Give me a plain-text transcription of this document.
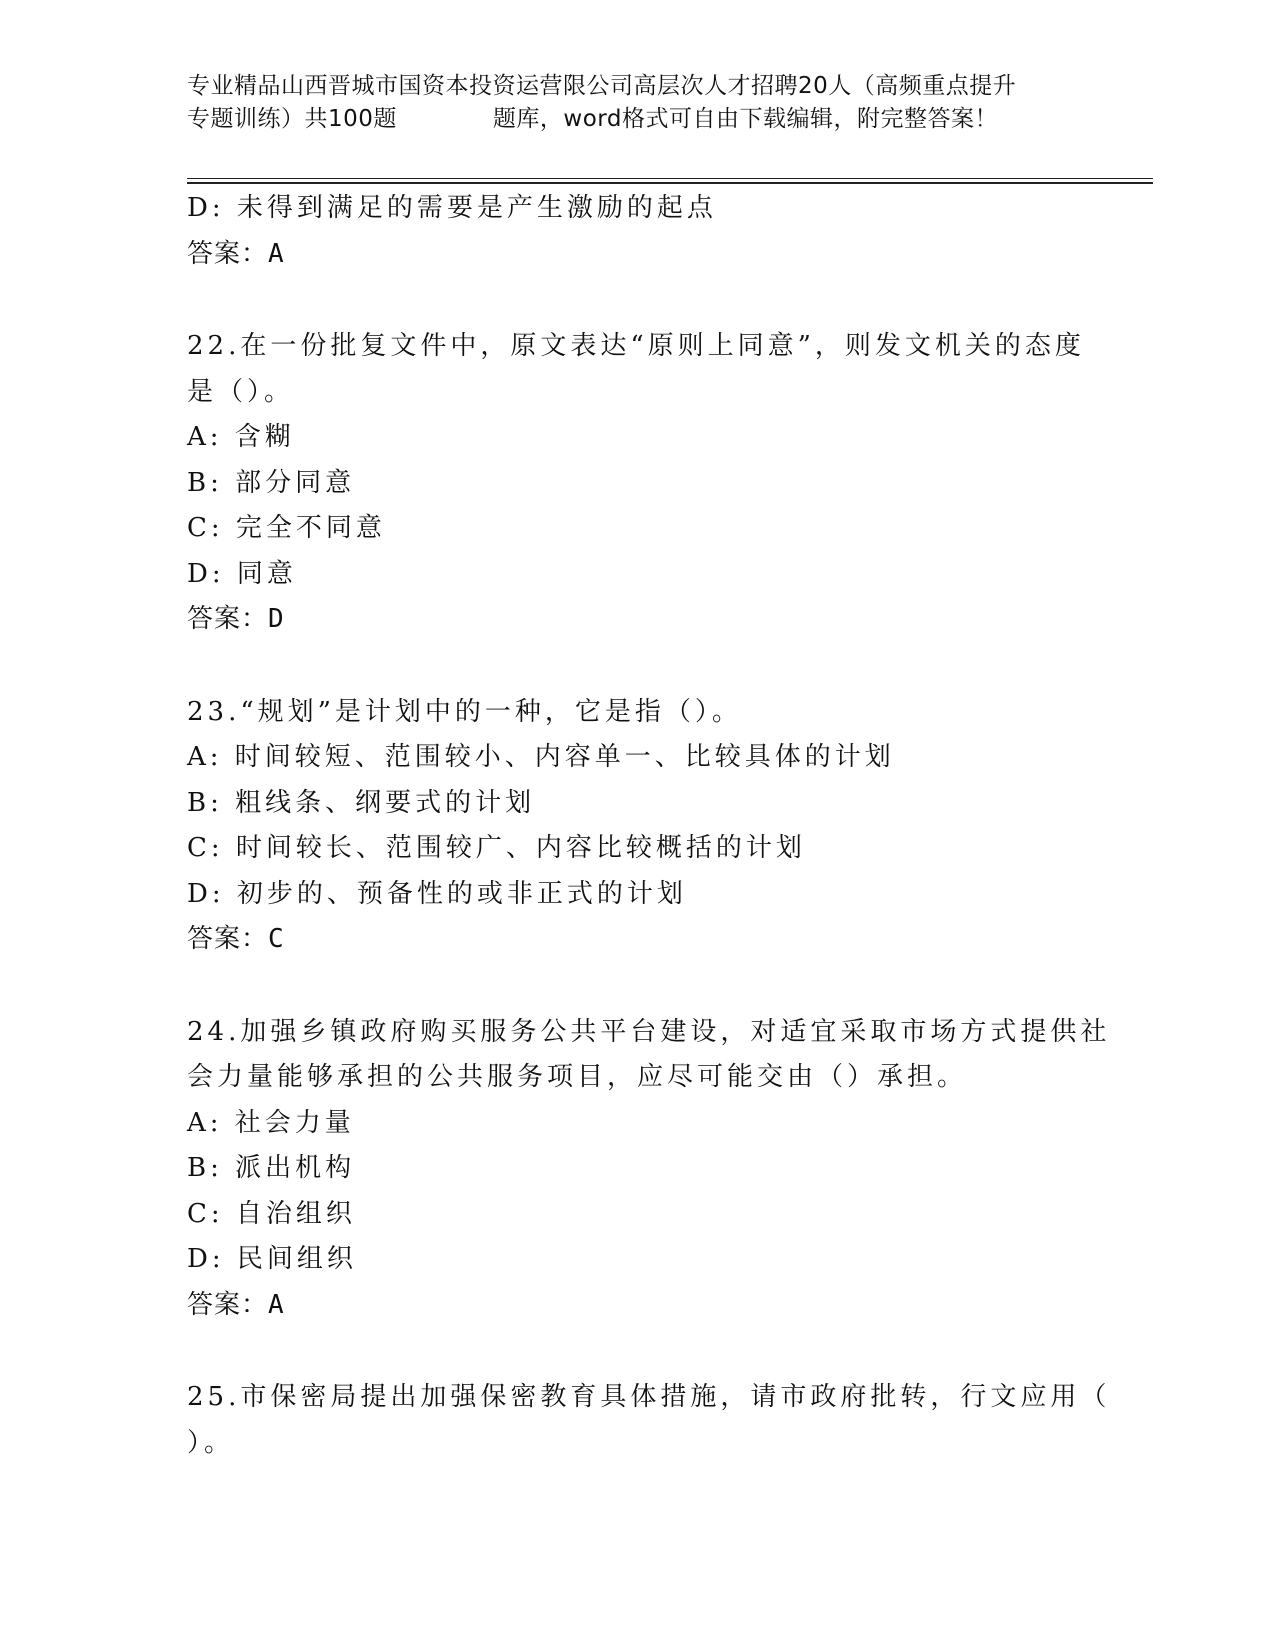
专业精品山西晋城市国资本投资运营限公司高层次人才招聘20人（高频重点提升
专题训练）共100题	题库，word格式可自由下载编辑，附完整答案！
D: 未得到满足的需要是产生激励的起点
答案：A
22.在一份批复文件中，原文表达“原则上同意”，则发文机关的态度
是（）。
A: 含糊
B: 部分同意
C: 完全不同意
D: 同意
答案：D
23.“规划”是计划中的一种，它是指（）。
A: 时间较短、范围较小、内容单一、比较具体的计划
B: 粗线条、纲要式的计划
C: 时间较长、范围较广、内容比较概括的计划
D: 初步的、预备性的或非正式的计划
答案：C
24.加强乡镇政府购买服务公共平台建设，对适宜采取市场方式提供社
会力量能够承担的公共服务项目，应尽可能交由（）承担。
A: 社会力量
B: 派出机构
C: 自治组织
D: 民间组织
答案：A
25.市保密局提出加强保密教育具体措施，请市政府批转，行文应用（
）。
